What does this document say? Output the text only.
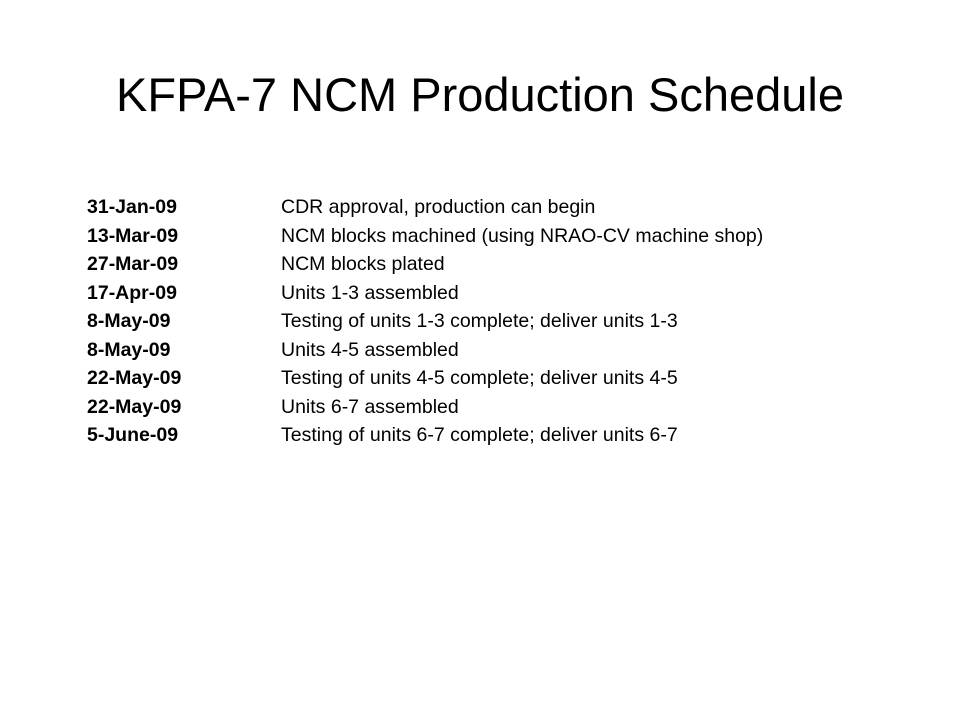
KFPA-7 NCM Production Schedule
31-Jan-09	CDR approval, production can begin
13-Mar-09	NCM blocks machined (using NRAO-CV machine shop)
27-Mar-09	NCM blocks plated
17-Apr-09	Units 1-3 assembled
8-May-09	Testing of units 1-3 complete; deliver units 1-3
8-May-09	Units 4-5 assembled
22-May-09	Testing of units 4-5 complete; deliver units 4-5
22-May-09	Units 6-7 assembled
5-June-09	Testing of units 6-7 complete; deliver units 6-7
